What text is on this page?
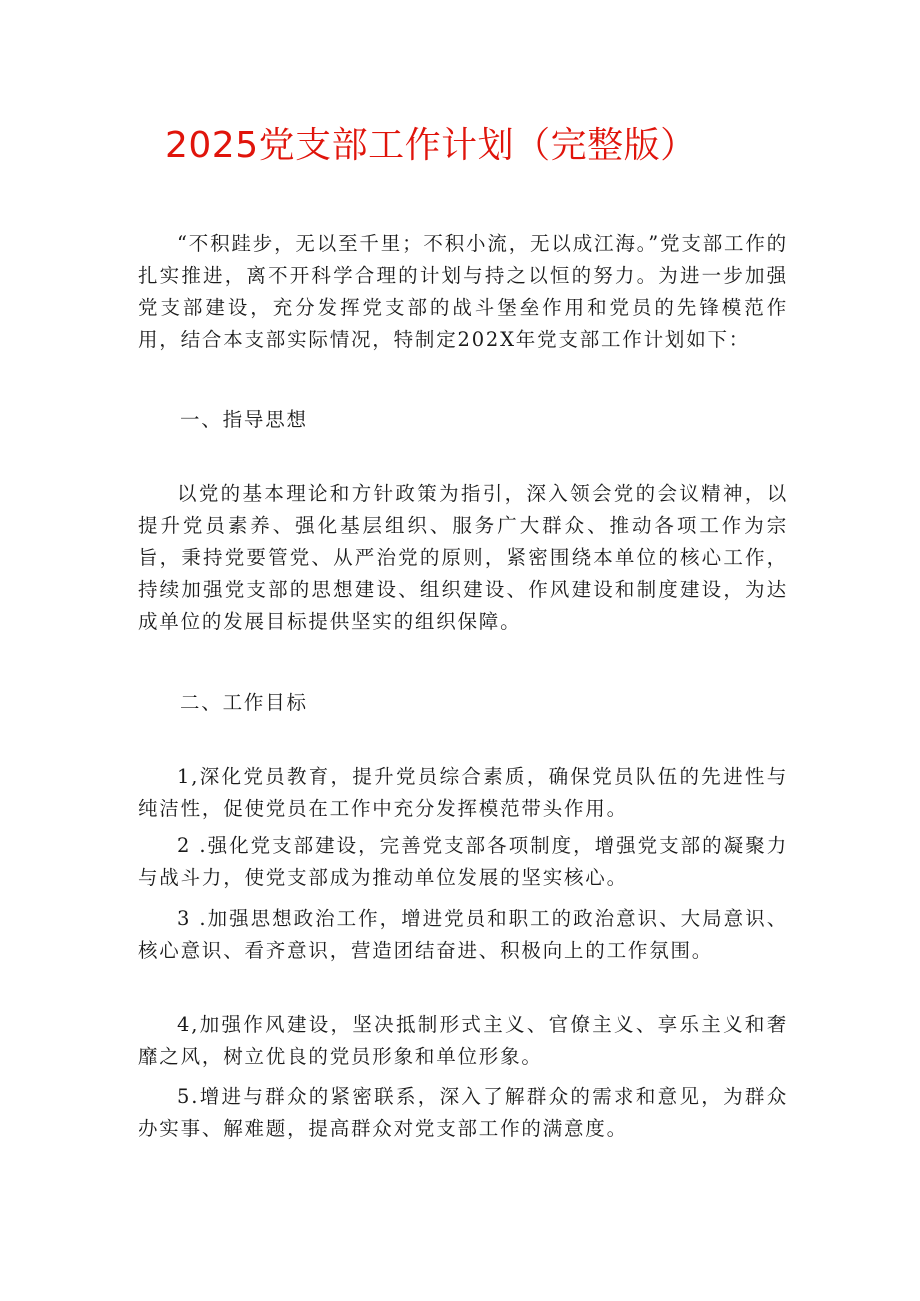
2025党支部工作计划（完整版）

“不积跬步，无以至千里；不积小流，无以成江海。”党支部工作的扎实推进，离不开科学合理的计划与持之以恒的努力。为进一步加强党支部建设，充分发挥党支部的战斗堡垒作用和党员的先锋模范作用，结合本支部实际情况，特制定202X年党支部工作计划如下：

一、指导思想

以党的基本理论和方针政策为指引，深入领会党的会议精神，以提升党员素养、强化基层组织、服务广大群众、推动各项工作为宗旨，秉持党要管党、从严治党的原则，紧密围绕本单位的核心工作，持续加强党支部的思想建设、组织建设、作风建设和制度建设，为达成单位的发展目标提供坚实的组织保障。

二、工作目标

1,深化党员教育，提升党员综合素质，确保党员队伍的先进性与纯洁性，促使党员在工作中充分发挥模范带头作用。

2 .强化党支部建设，完善党支部各项制度，增强党支部的凝聚力与战斗力，使党支部成为推动单位发展的坚实核心。

3 .加强思想政治工作，增进党员和职工的政治意识、大局意识、核心意识、看齐意识，营造团结奋进、积极向上的工作氛围。

4,加强作风建设，坚决抵制形式主义、官僚主义、享乐主义和奢靡之风，树立优良的党员形象和单位形象。

5.增进与群众的紧密联系，深入了解群众的需求和意见，为群众办实事、解难题，提高群众对党支部工作的满意度。
